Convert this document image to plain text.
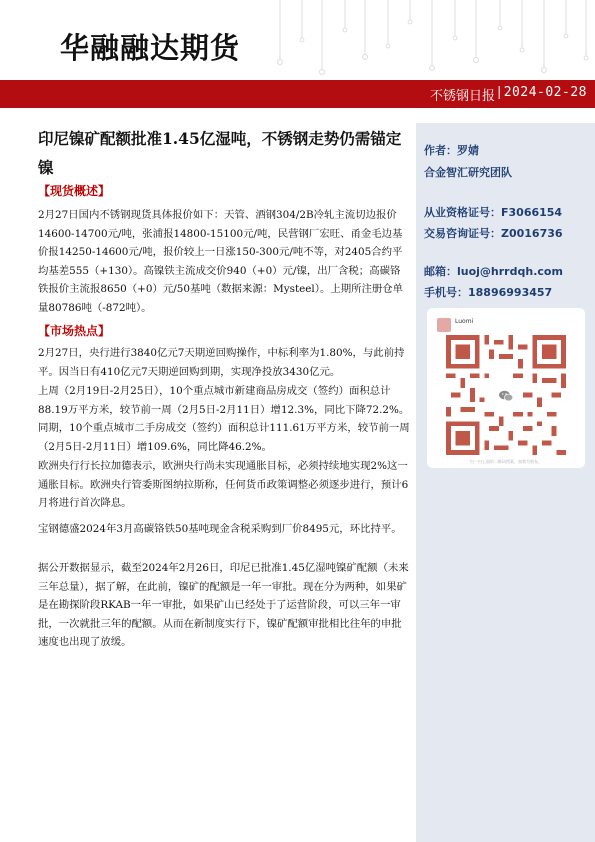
华融融达期货
不锈钢日报 | 2024-02-28
印尼镍矿配额批准1.45亿湿吨，不锈钢走势仍需锚定镍
作者：罗婧
合金智汇研究团队
从业资格证号：F3066154
交易咨询证号：Z0016736
邮箱：luoj@hrrdqh.com
手机号：18896993457
Luomi
扫一扫上面的二维码图案，加我为朋友。
【现货概述】

2月27日国内不锈钢现货具体报价如下：天管、酒钢304/2B冷轧主流切边报价14600-14700元/吨，张浦报14800-15100元/吨，民营钢厂宏旺、甬金毛边基价报14250-14600元/吨，报价较上一日涨150-300元/吨不等，对2405合约平均基差555（+130）。高镍铁主流成交价940（+0）元/镍，出厂含税；高碳铬铁报价主流报8650（+0）元/50基吨（数据来源：Mysteel）。上期所注册仓单量80786吨（-872吨）。

【市场热点】

2月27日，央行进行3840亿元7天期逆回购操作，中标利率为1.80%，与此前持平。因当日有410亿元7天期逆回购到期，实现净投放3430亿元。

上周（2月19日-2月25日），10个重点城市新建商品房成交（签约）面积总计88.19万平方米，较节前一周（2月5日-2月11日）增12.3%，同比下降72.2%。同期，10个重点城市二手房成交（签约）面积总计111.61万平方米，较节前一周（2月5日-2月11日）增109.6%，同比降46.2%。

欧洲央行行长拉加德表示，欧洲央行尚未实现通胀目标，必须持续地实现2%这一通胀目标。欧洲央行管委斯图纳拉斯称，任何货币政策调整必须逐步进行，预计6月将进行首次降息。

宝钢德盛2024年3月高碳铬铁50基吨现金含税采购到厂价8495元，环比持平。

据公开数据显示，截至2024年2月26日，印尼已批准1.45亿湿吨镍矿配额（未来三年总量），据了解，在此前，镍矿的配额是一年一审批。现在分为两种，如果矿是在勘探阶段RKAB一年一审批，如果矿山已经处于了运营阶段，可以三年一审批，一次就批三年的配额。从而在新制度实行下，镍矿配额审批相比往年的申批速度也出现了放缓。
